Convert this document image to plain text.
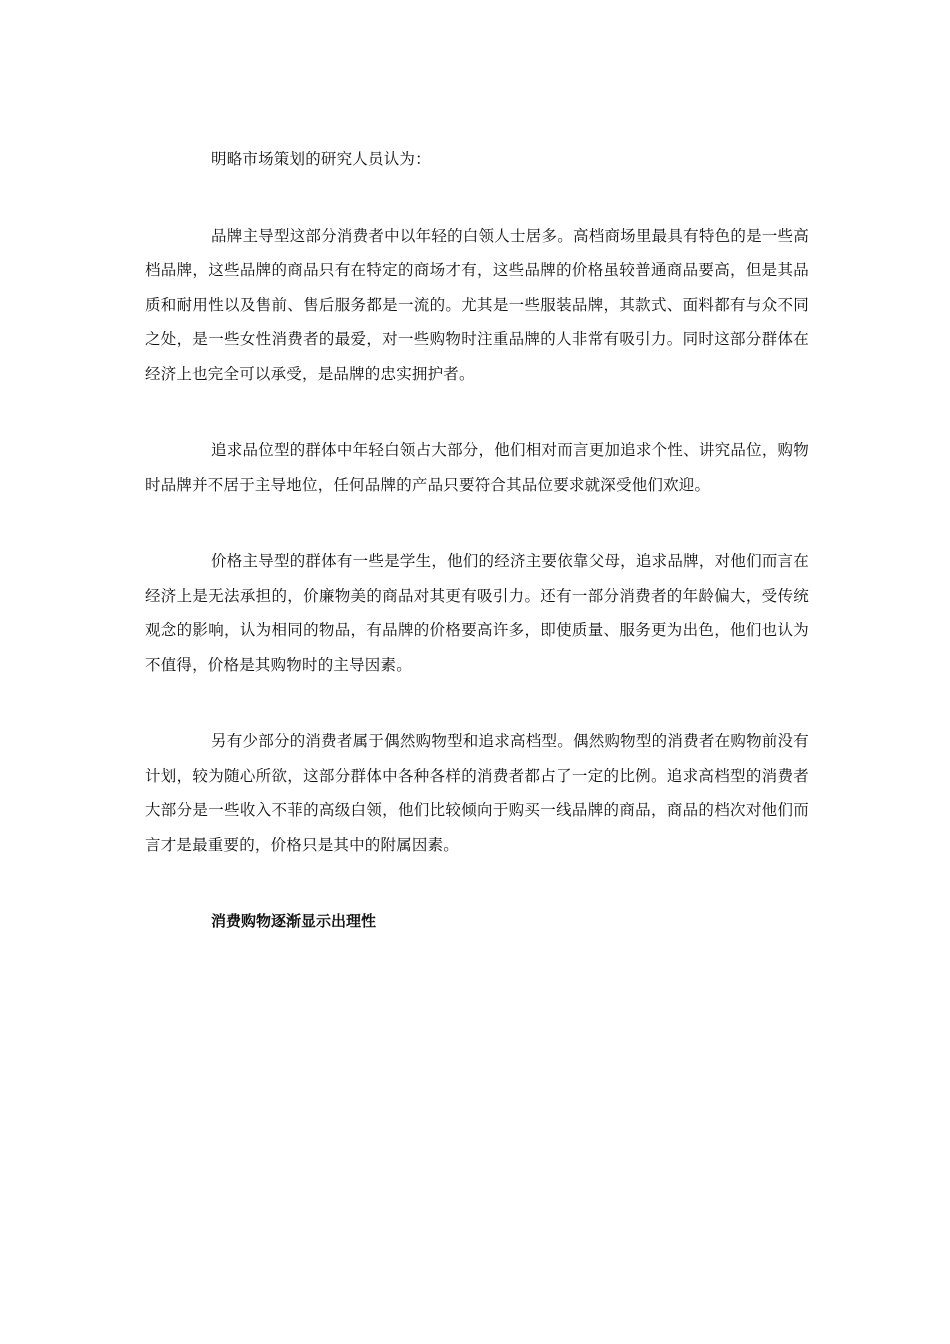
明略市场策划的研究人员认为：

品牌主导型这部分消费者中以年轻的白领人士居多。高档商场里最具有特色的是一些高档品牌，这些品牌的商品只有在特定的商场才有，这些品牌的价格虽较普通商品要高，但是其品质和耐用性以及售前、售后服务都是一流的。尤其是一些服装品牌，其款式、面料都有与众不同之处，是一些女性消费者的最爱，对一些购物时注重品牌的人非常有吸引力。同时这部分群体在经济上也完全可以承受，是品牌的忠实拥护者。

追求品位型的群体中年轻白领占大部分，他们相对而言更加追求个性、讲究品位，购物时品牌并不居于主导地位，任何品牌的产品只要符合其品位要求就深受他们欢迎。

价格主导型的群体有一些是学生，他们的经济主要依靠父母，追求品牌，对他们而言在经济上是无法承担的，价廉物美的商品对其更有吸引力。还有一部分消费者的年龄偏大，受传统观念的影响，认为相同的物品，有品牌的价格要高许多，即使质量、服务更为出色，他们也认为不值得，价格是其购物时的主导因素。

另有少部分的消费者属于偶然购物型和追求高档型。偶然购物型的消费者在购物前没有计划，较为随心所欲，这部分群体中各种各样的消费者都占了一定的比例。追求高档型的消费者大部分是一些收入不菲的高级白领，他们比较倾向于购买一线品牌的商品，商品的档次对他们而言才是最重要的，价格只是其中的附属因素。

消费购物逐渐显示出理性
